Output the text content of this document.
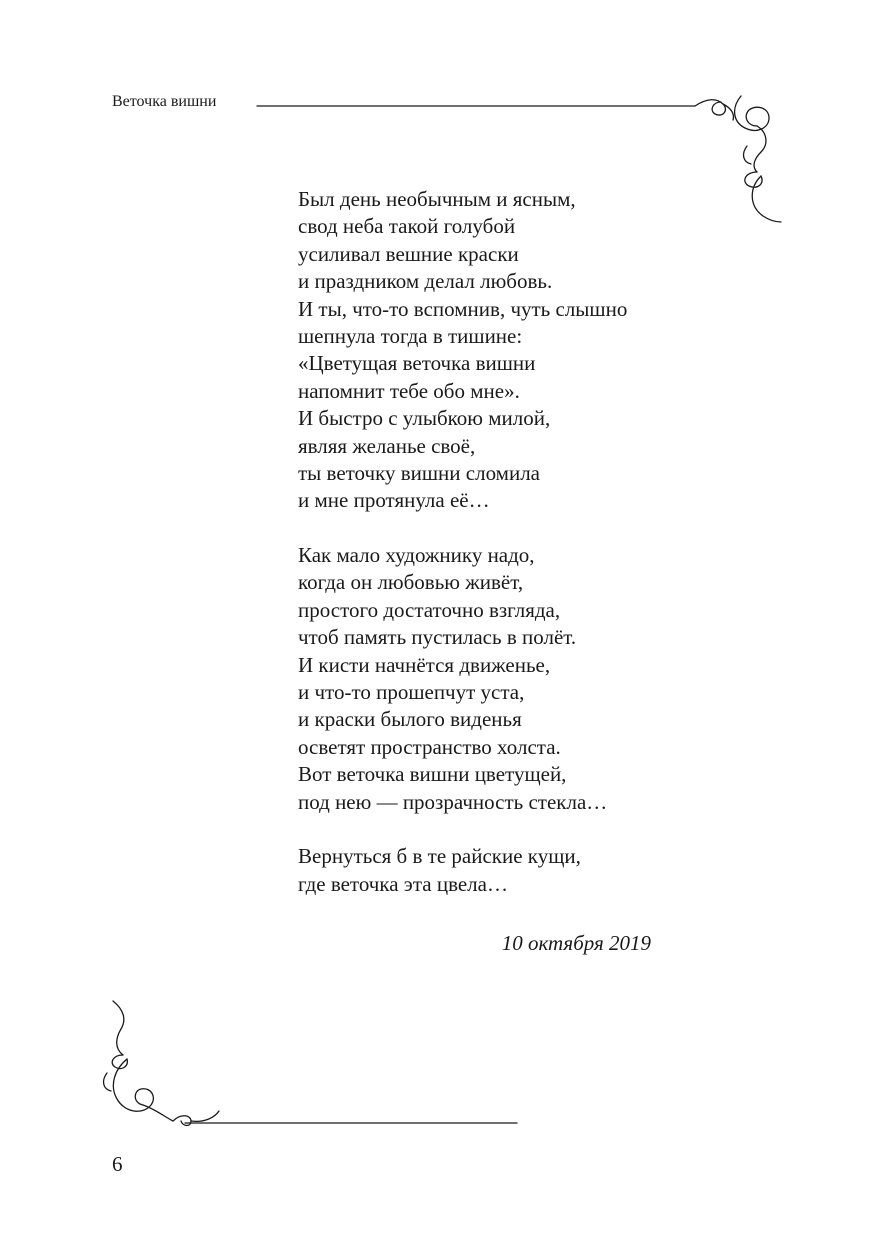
Веточка вишни
Был день необычным и ясным,
свод неба такой голубой
усиливал вешние краски
и праздником делал любовь.
И ты, что-то вспомнив, чуть слышно
шепнула тогда в тишине:
«Цветущая веточка вишни
напомнит тебе обо мне».
И быстро с улыбкою милой,
являя желанье своё,
ты веточку вишни сломила
и мне протянула её…
Как мало художнику надо,
когда он любовью живёт,
простого достаточно взгляда,
чтоб память пустилась в полёт.
И кисти начнётся движенье,
и что-то прошепчут уста,
и краски былого виденья
осветят пространство холста.
Вот веточка вишни цветущей,
под нею — прозрачность стекла…
Вернуться б в те райские кущи,
где веточка эта цвела…
10 октября 2019
6
